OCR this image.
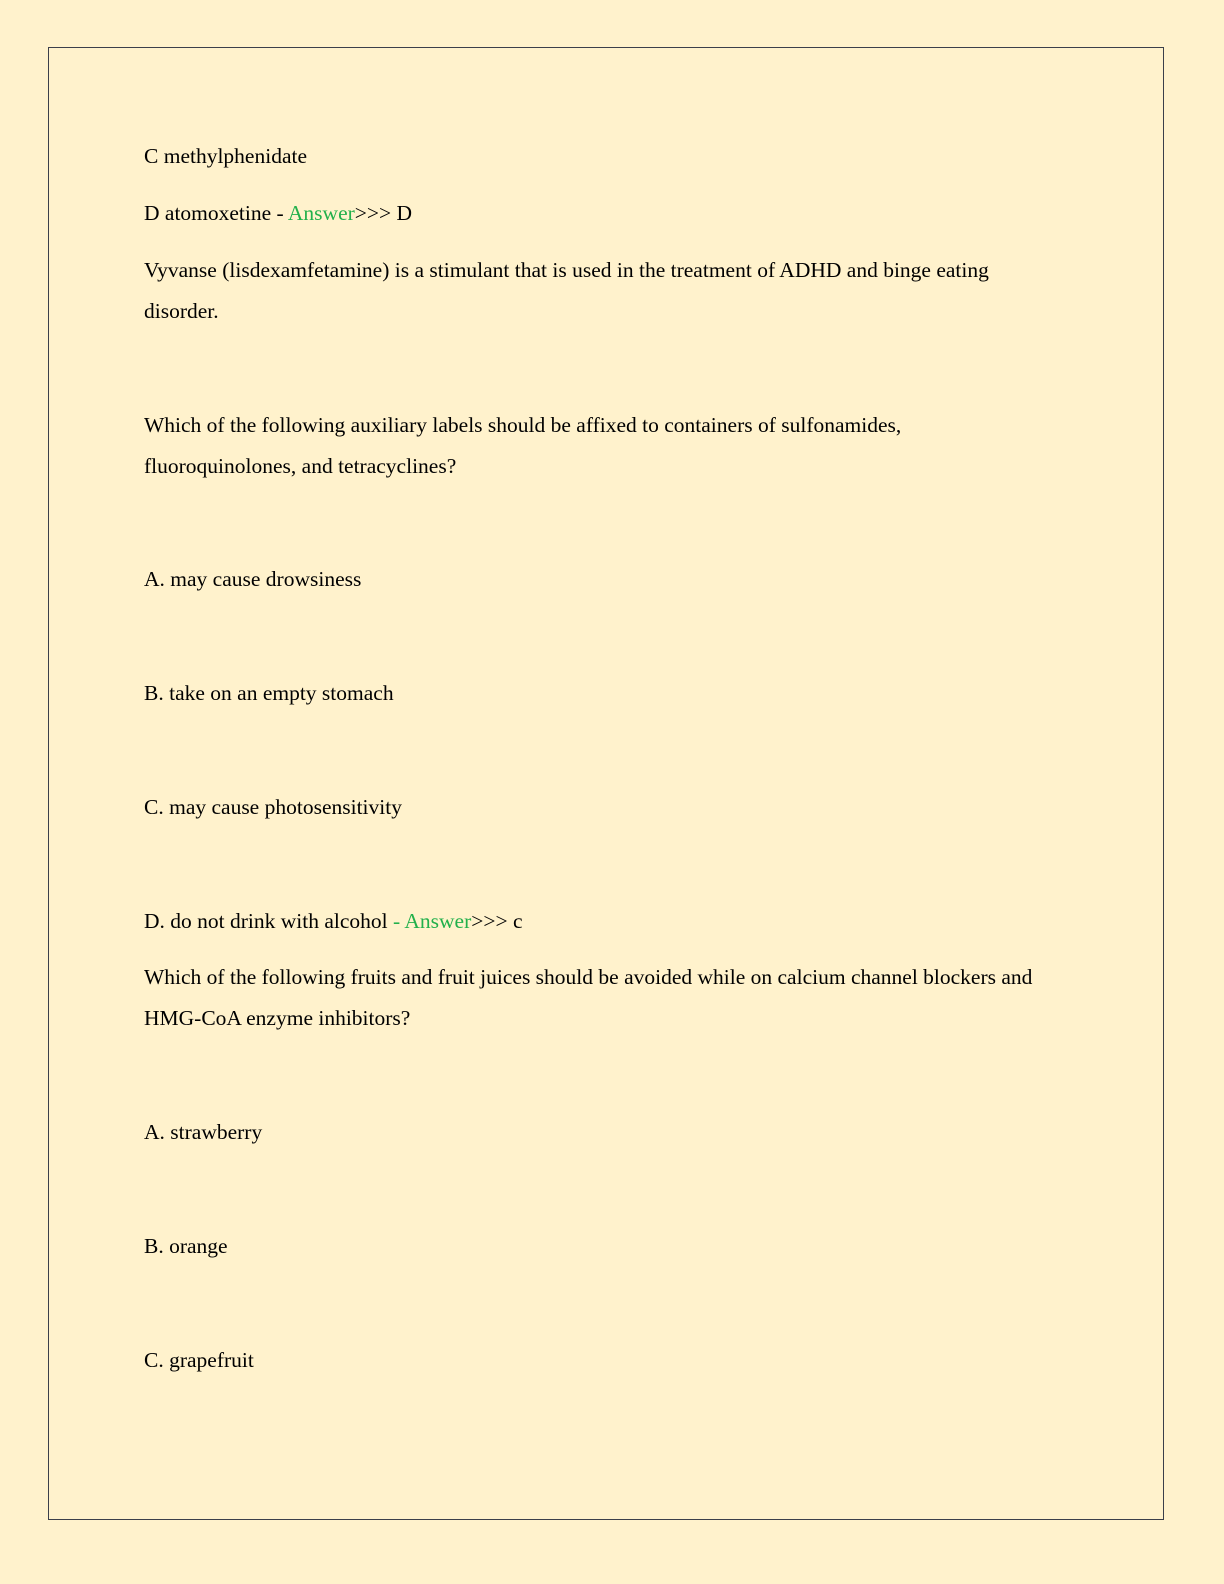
C methylphenidate
D atomoxetine - Answer>>> D
Vyvanse (lisdexamfetamine) is a stimulant that is used in the treatment of ADHD and binge eating disorder.
Which of the following auxiliary labels should be affixed to containers of sulfonamides, fluoroquinolones, and tetracyclines?
A. may cause drowsiness
B. take on an empty stomach
C. may cause photosensitivity
D. do not drink with alcohol - Answer>>> c
Which of the following fruits and fruit juices should be avoided while on calcium channel blockers and HMG-CoA enzyme inhibitors?
A. strawberry
B. orange
C. grapefruit
